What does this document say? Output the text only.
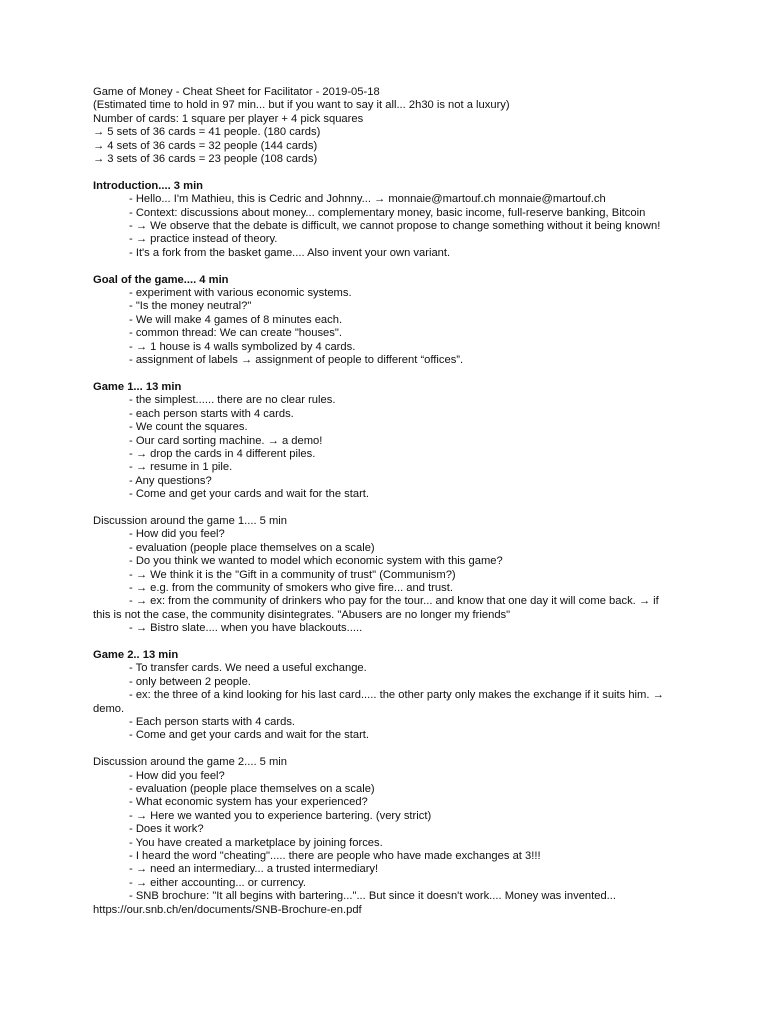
Game of Money - Cheat Sheet for Facilitator - 2019-05-18
(Estimated time to hold in 97 min... but if you want to say it all... 2h30 is not a luxury)
Number of cards: 1 square per player + 4 pick squares
→ 5 sets of 36 cards = 41 people. (180 cards)
→ 4 sets of 36 cards = 32 people (144 cards)
→ 3 sets of 36 cards = 23 people (108 cards)
Introduction.... 3 min
- Hello... I'm Mathieu, this is Cedric and Johnny... → monnaie@martouf.ch monnaie@martouf.ch
- Context: discussions about money... complementary money, basic income, full-reserve banking, Bitcoin
- → We observe that the debate is difficult, we cannot propose to change something without it being known!
- → practice instead of theory.
- It's a fork from the basket game.... Also invent your own variant.
Goal of the game.... 4 min
- experiment with various economic systems.
- "Is the money neutral?"
- We will make 4 games of 8 minutes each.
- common thread: We can create "houses".
- → 1 house is 4 walls symbolized by 4 cards.
- assignment of labels → assignment of people to different “offices”.
Game 1... 13 min
- the simplest...... there are no clear rules.
- each person starts with 4 cards.
- We count the squares.
- Our card sorting machine. → a demo!
- → drop the cards in 4 different piles.
- → resume in 1 pile.
- Any questions?
- Come and get your cards and wait for the start.
Discussion around the game 1.... 5 min
- How did you feel?
- evaluation (people place themselves on a scale)
- Do you think we wanted to model which economic system with this game?
- → We think it is the "Gift in a community of trust" (Communism?)
- → e.g. from the community of smokers who give fire... and trust.
- → ex: from the community of drinkers who pay for the tour... and know that one day it will come back. → if this is not the case, the community disintegrates. "Abusers are no longer my friends"
- → Bistro slate.... when you have blackouts.....
Game 2.. 13 min
- To transfer cards. We need a useful exchange.
- only between 2 people.
- ex: the three of a kind looking for his last card..... the other party only makes the exchange if it suits him. → demo.
- Each person starts with 4 cards.
- Come and get your cards and wait for the start.
Discussion around the game 2.... 5 min
- How did you feel?
- evaluation (people place themselves on a scale)
- What economic system has your experienced?
- → Here we wanted you to experience bartering. (very strict)
- Does it work?
- You have created a marketplace by joining forces.
- I heard the word "cheating"..... there are people who have made exchanges at 3!!!
- → need an intermediary... a trusted intermediary!
- → either accounting... or currency.
- SNB brochure: "It all begins with bartering..."... But since it doesn't work.... Money was invented... https://our.snb.ch/en/documents/SNB-Brochure-en.pdf
